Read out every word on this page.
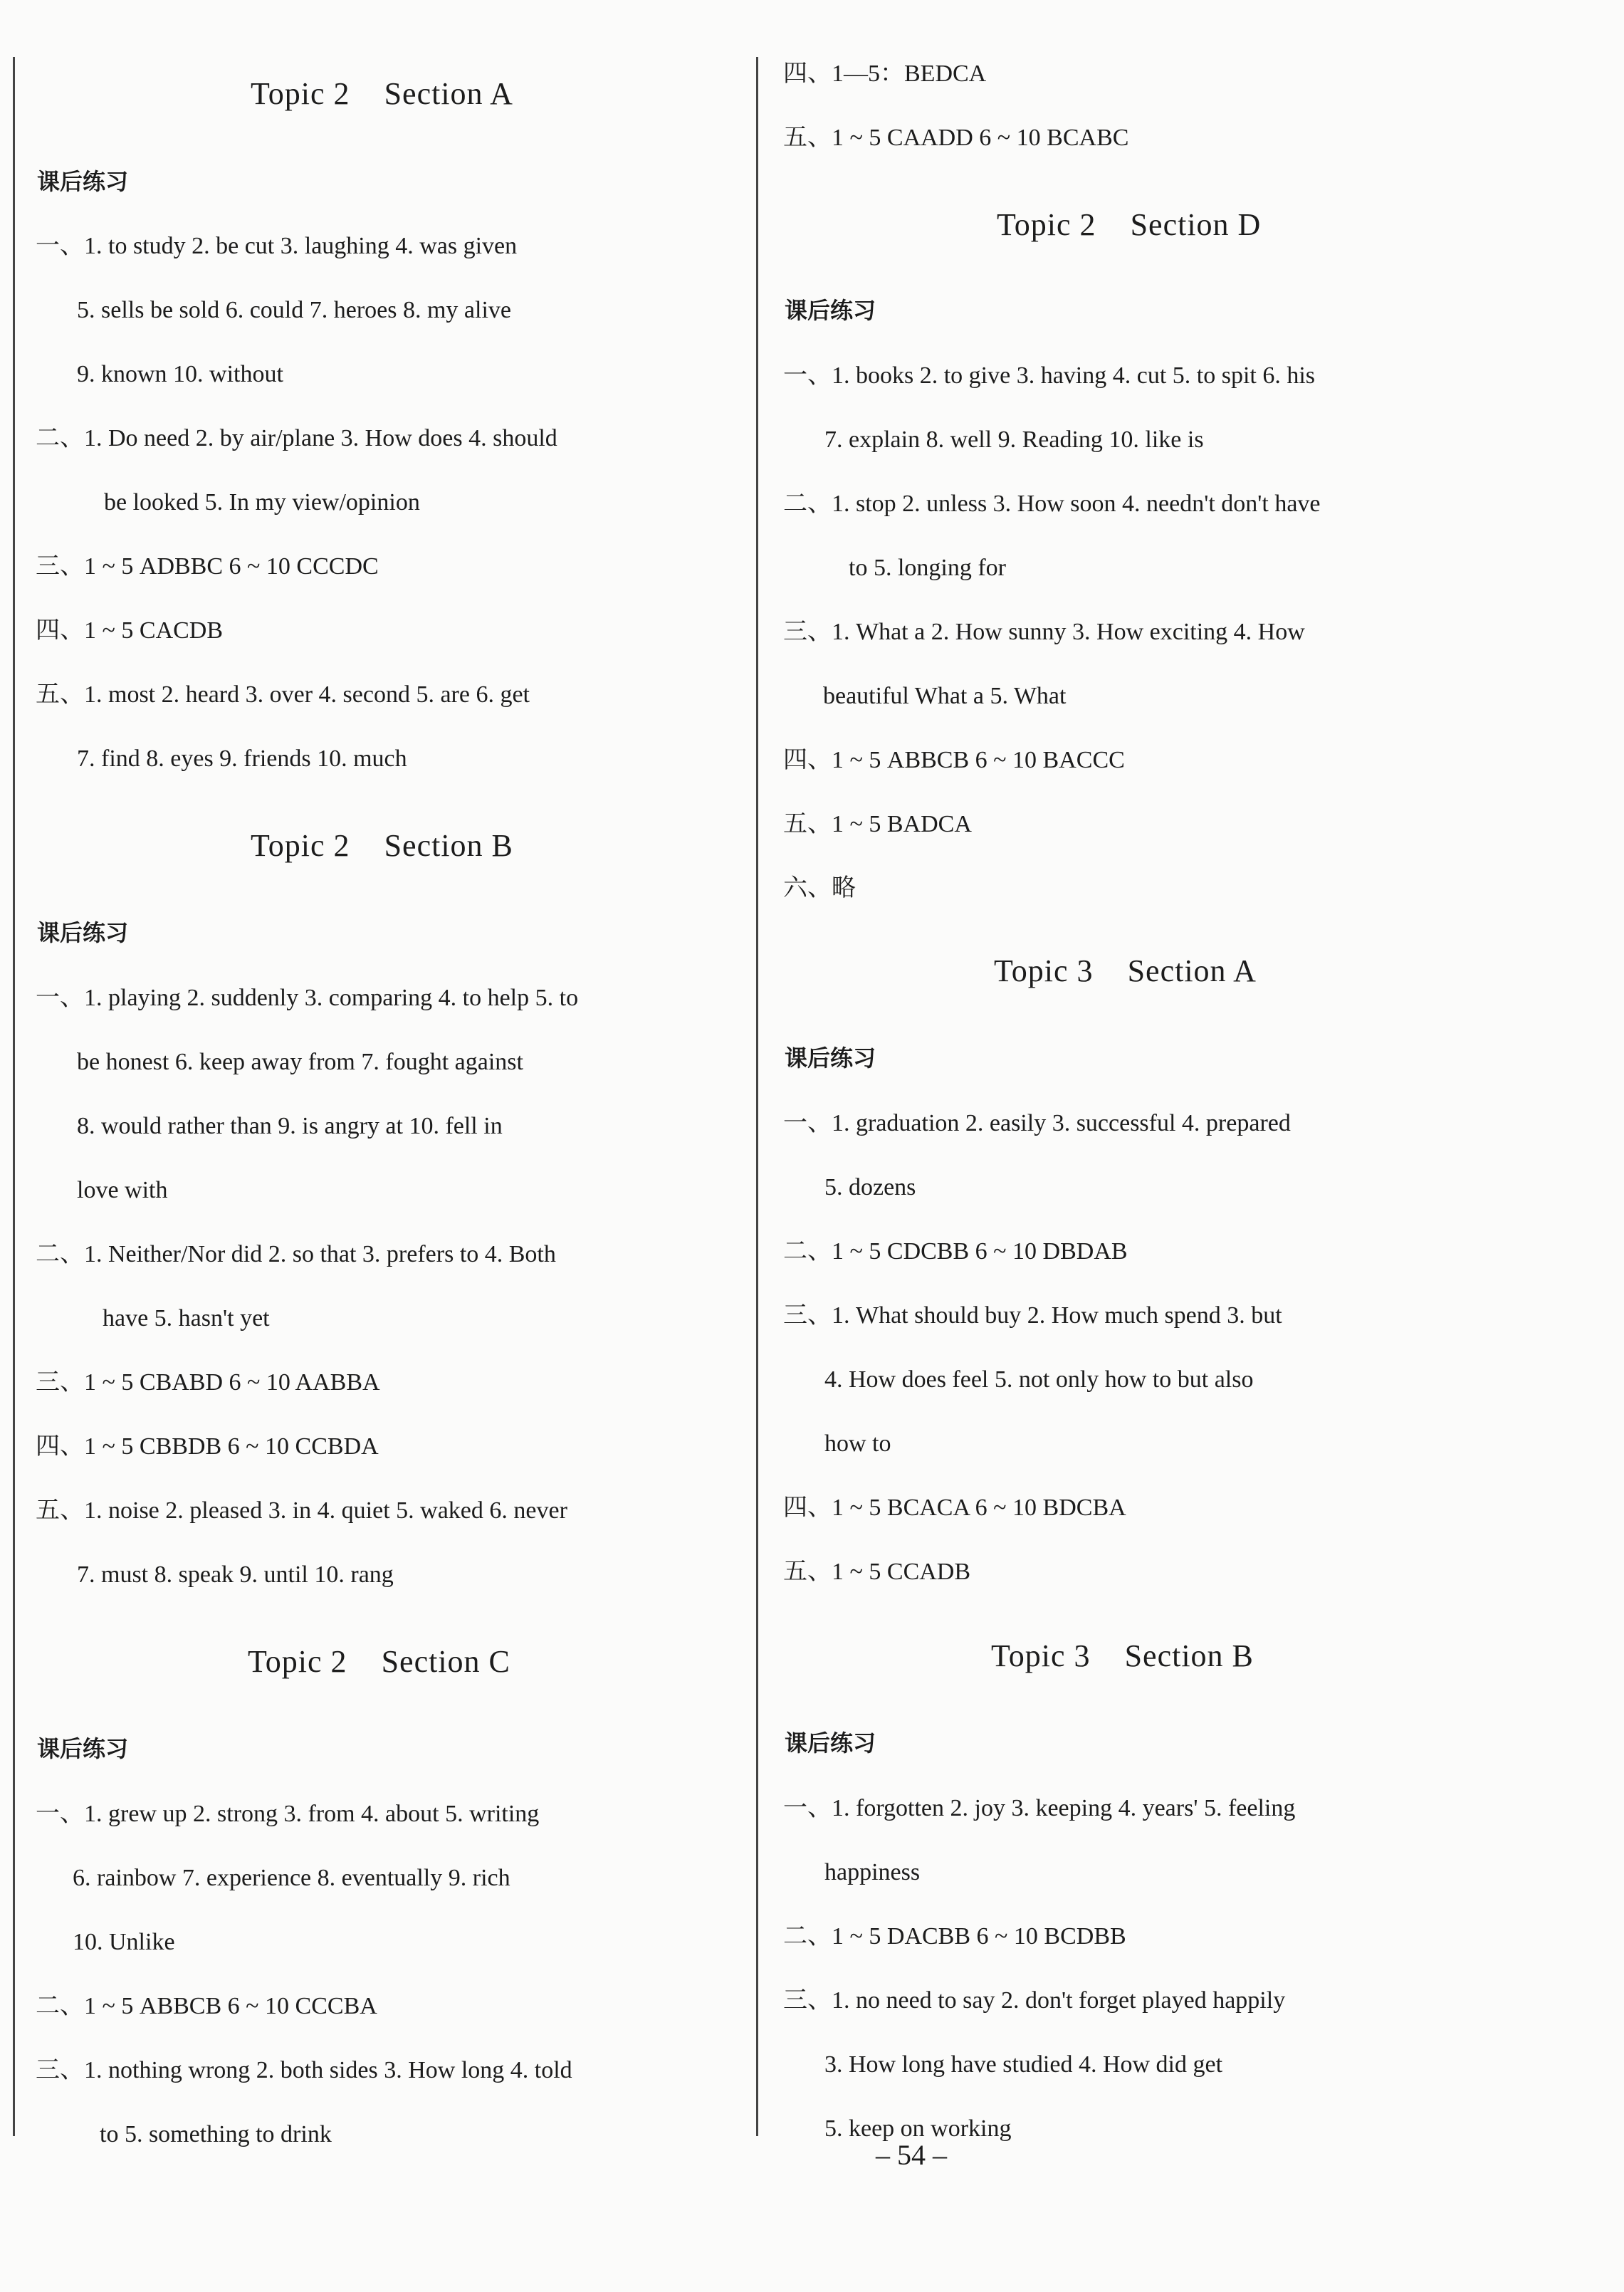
Topic 2 Section A
课后练习
一、1. to study 2. be cut 3. laughing 4. was given
5. sells be sold 6. could 7. heroes 8. my alive
9. known 10. without
二、1. Do need 2. by air/plane 3. How does 4. should
be looked 5. In my view/opinion
三、1 ~ 5 ADBBC 6 ~ 10 CCCDC
四、1 ~ 5 CACDB
五、1. most 2. heard 3. over 4. second 5. are 6. get
7. find 8. eyes 9. friends 10. much
Topic 2 Section B
课后练习
一、1. playing 2. suddenly 3. comparing 4. to help 5. to
be honest 6. keep away from 7. fought against
8. would rather than 9. is angry at 10. fell in
love with
二、1. Neither/Nor did 2. so that 3. prefers to 4. Both
have 5. hasn't yet
三、1 ~ 5 CBABD 6 ~ 10 AABBA
四、1 ~ 5 CBBDB 6 ~ 10 CCBDA
五、1. noise 2. pleased 3. in 4. quiet 5. waked 6. never
7. must 8. speak 9. until 10. rang
Topic 2 Section C
课后练习
一、1. grew up 2. strong 3. from 4. about 5. writing
6. rainbow 7. experience 8. eventually 9. rich
10. Unlike
二、1 ~ 5 ABBCB 6 ~ 10 CCCBA
三、1. nothing wrong 2. both sides 3. How long 4. told
to 5. something to drink
四、1—5：BEDCA
五、1 ~ 5 CAADD 6 ~ 10 BCABC
Topic 2 Section D
课后练习
一、1. books 2. to give 3. having 4. cut 5. to spit 6. his
7. explain 8. well 9. Reading 10. like is
二、1. stop 2. unless 3. How soon 4. needn't don't have
to 5. longing for
三、1. What a 2. How sunny 3. How exciting 4. How
beautiful What a 5. What
四、1 ~ 5 ABBCB 6 ~ 10 BACCC
五、1 ~ 5 BADCA
六、略
Topic 3 Section A
课后练习
一、1. graduation 2. easily 3. successful 4. prepared
5. dozens
二、1 ~ 5 CDCBB 6 ~ 10 DBDAB
三、1. What should buy 2. How much spend 3. but
4. How does feel 5. not only how to but also
how to
四、1 ~ 5 BCACA 6 ~ 10 BDCBA
五、1 ~ 5 CCADB
Topic 3 Section B
课后练习
一、1. forgotten 2. joy 3. keeping 4. years' 5. feeling
happiness
二、1 ~ 5 DACBB 6 ~ 10 BCDBB
三、1. no need to say 2. don't forget played happily
3. How long have studied 4. How did get
5. keep on working
– 54 –
